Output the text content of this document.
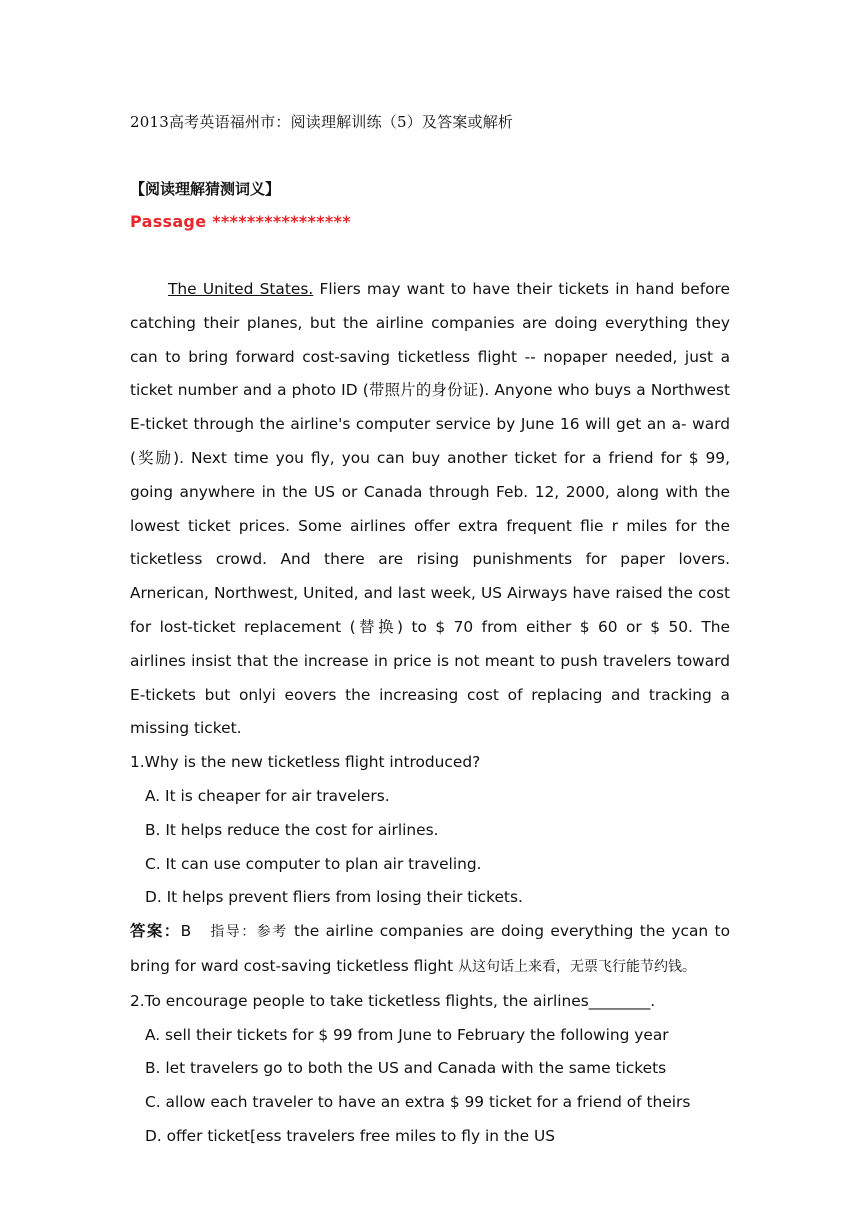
2013高考英语福州市：阅读理解训练（5）及答案或解析
【阅读理解猜测词义】
Passage ****************

The United States. Fliers may want to have their tickets in hand before catching their planes, but the airline companies are doing everything they can to bring forward cost-saving ticketless flight -- nopaper needed, just a ticket number and a photo ID (带照片的身份证). Anyone who buys a Northwest E-ticket through the airline's computer service by June 16 will get an a- ward (奖励). Next time you fly, you can buy another ticket for a friend for $ 99, going anywhere in the US or Canada through Feb. 12, 2000, along with the lowest ticket prices. Some airlines offer extra frequent flie r miles for the ticketless crowd. And there are rising punishments for paper lovers. Arnerican, Northwest, United, and last week, US Airways have raised the cost for lost-ticket replacement (替换) to $ 70 from either $ 60 or $ 50. The airlines insist that the increase in price is not meant to push travelers toward E-tickets but onlyi eovers the increasing cost of replacing and tracking a missing ticket.

1.Why is the new ticketless flight introduced?

A. It is cheaper for air travelers.

B. It helps reduce the cost for airlines.

C. It can use computer to plan air traveling.

D. It helps prevent fliers from losing their tickets.

答案：B 指导：参考 the airline companies are doing everything the ycan to bring for ward cost-saving ticketless flight 从这句话上来看，无票飞行能节约钱。

2.To encourage people to take ticketless flights, the airlines________.

A. sell their tickets for $ 99 from June to February the following year

B. let travelers go to both the US and Canada with the same tickets

C. allow each traveler to have an extra $ 99 ticket for a friend of theirs

D. offer ticket[ess travelers free miles to fly in the US
